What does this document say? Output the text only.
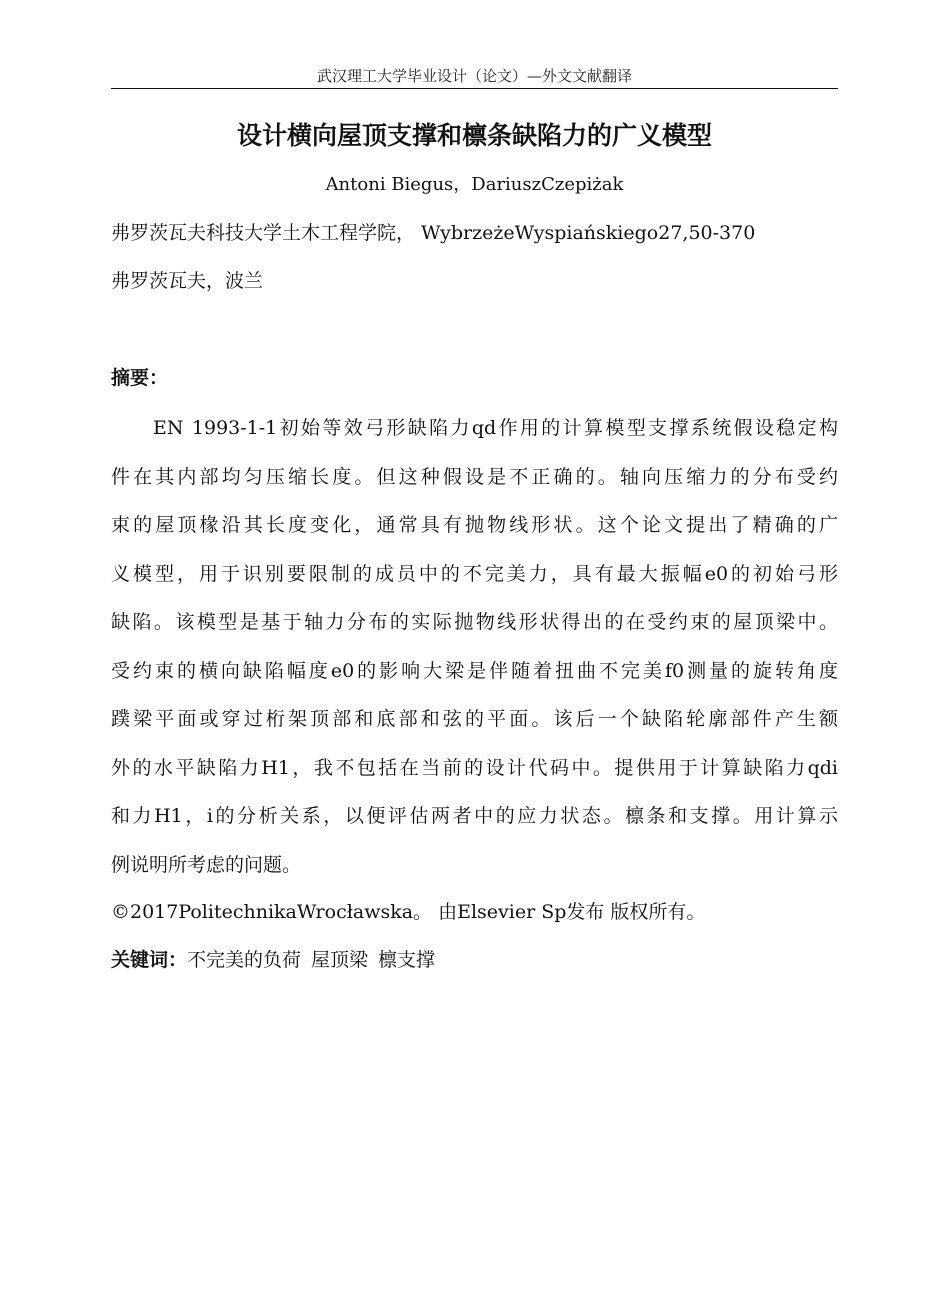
武汉理工大学毕业设计（论文）—外文文献翻译
设计横向屋顶支撑和檩条缺陷力的广义模型
Antoni Biegus，DariuszCzepiżak
弗罗茨瓦夫科技大学土木工程学院， WybrzeżeWyspiańskiego27,50-370
弗罗茨瓦夫，波兰
摘要：
EN 1993-1-1初始等效弓形缺陷力qd作用的计算模型支撑系统假设稳定构
件在其内部均匀压缩长度。但这种假设是不正确的。轴向压缩力的分布受约
束的屋顶椽沿其长度变化，通常具有抛物线形状。这个论文提出了精确的广
义模型，用于识别要限制的成员中的不完美力，具有最大振幅e0的初始弓形
缺陷。该模型是基于轴力分布的实际抛物线形状得出的在受约束的屋顶梁中。
受约束的横向缺陷幅度e0的影响大梁是伴随着扭曲不完美f0测量的旋转角度
蹼梁平面或穿过桁架顶部和底部和弦的平面。该后一个缺陷轮廓部件产生额
外的水平缺陷力H1，我不包括在当前的设计代码中。提供用于计算缺陷力qdi
和力H1，i的分析关系，以便评估两者中的应力状态。檩条和支撑。用计算示
例说明所考虑的问题。
©2017PolitechnikaWrocławska。 由Elsevier Sp发布 版权所有。
关键词：不完美的负荷 屋顶梁 檩支撑
